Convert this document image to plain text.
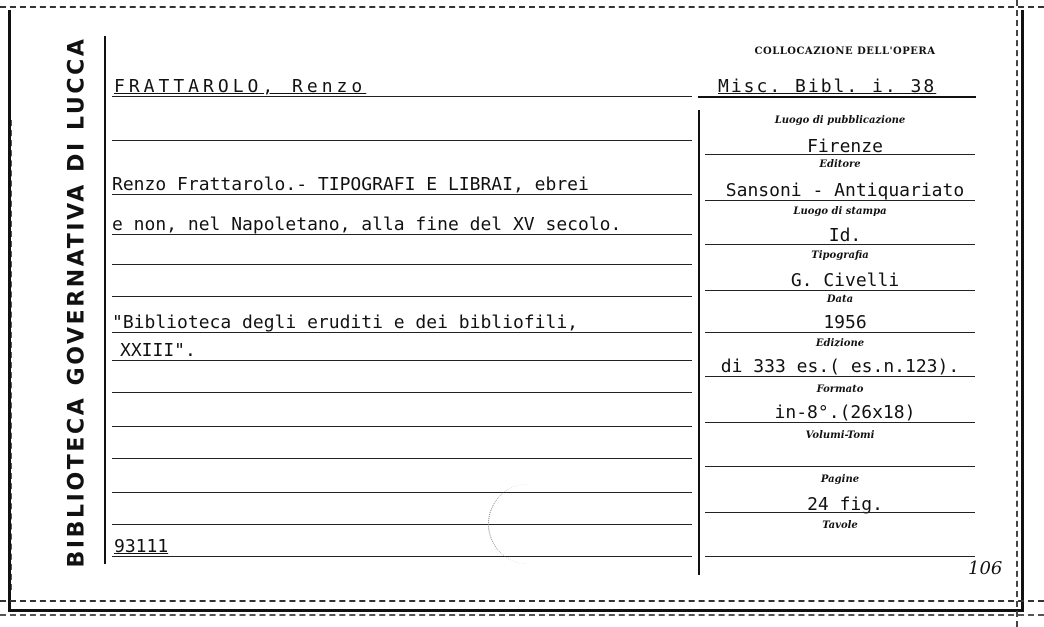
BIBLIOTECA GOVERNATIVA DI LUCCA	COLLOCAZIONE DELL'OPERA
FRATTAROLO, Renzo
Renzo Frattarolo.- TIPOGRAFI E LIBRAI, ebrei
e non, nel Napoletano, alla fine del XV secolo.
"Biblioteca degli eruditi e dei bibliofili,
XXIII".
93111
Misc. Bibl. i. 38
Luogo di pubblicazione
Firenze
Editore
Sansoni - Antiquariato
Luogo di stampa
Id.
Tipografia
G. Civelli
Data
1956
Edizione
di 333 es.( es.n.123).
Formato
in-8°.(26x18)
Volumi-Tomi
Pagine
24 fig.
Tavole
106
